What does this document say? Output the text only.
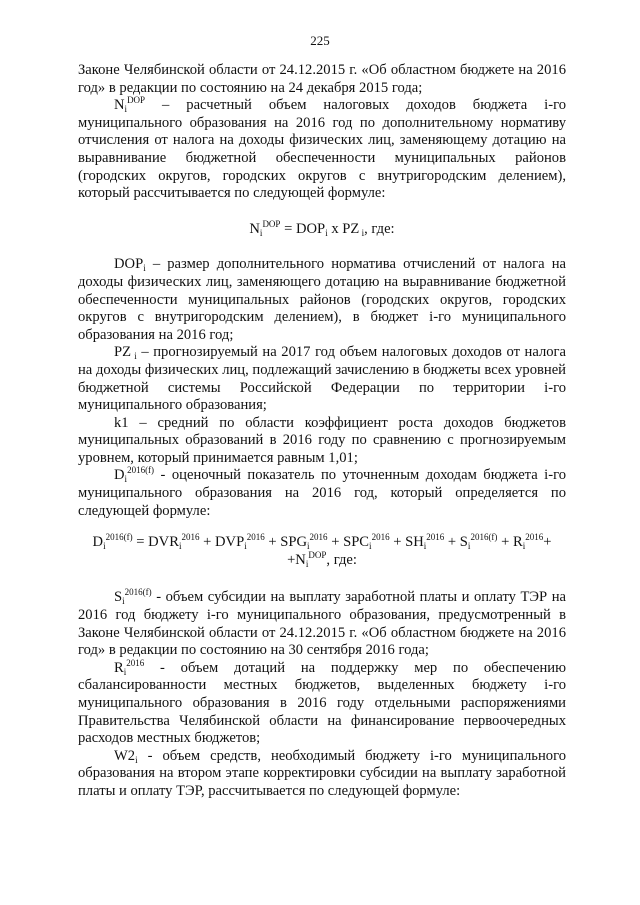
225

Законе Челябинской области от 24.12.2015 г. «Об областном бюджете на 2016 год» в редакции по состоянию на 24 декабря 2015 года;

$N_i^{DOP}$ – расчетный объем налоговых доходов бюджета i-го муниципального образования на 2016 год по дополнительному нормативу отчисления от налога на доходы физических лиц, заменяющему дотацию на выравнивание бюджетной обеспеченности муниципальных районов (городских округов, городских округов с внутригородским делением), который рассчитывается по следующей формуле:

$N_i^{DOP} = DOP_i$ x PZ $_i$, где:

$DOP_i$ – размер дополнительного норматива отчислений от налога на доходы физических лиц, заменяющего дотацию на выравнивание бюджетной обеспеченности муниципальных районов (городских округов, городских округов с внутригородским делением), в бюджет i-го муниципального образования на 2016 год;

PZ $_i$ – прогнозируемый на 2017 год объем налоговых доходов от налога на доходы физических лиц, подлежащий зачислению в бюджеты всех уровней бюджетной системы Российской Федерации по территории i-го муниципального образования;

k1 – средний по области коэффициент роста доходов бюджетов муниципальных образований в 2016 году по сравнению с прогнозируемым уровнем, который принимается равным 1,01;

$D_i^{2016(f)}$ - оценочный показатель по уточненным доходам бюджета i-го муниципального образования на 2016 год, который определяется по следующей формуле:

$D_i^{2016(f)} = DVR_i^{2016} + DVP_i^{2016} + SPG_i^{2016} + SPC_i^{2016} + SH_i^{2016} + S_i^{2016(f)} + R_i^{2016}+$

$+N_i^{DOP}$, где:

$S_i^{2016(f)}$ - объем субсидии на выплату заработной платы и оплату ТЭР на 2016 год бюджету i-го муниципального образования, предусмотренный в Законе Челябинской области от 24.12.2015 г. «Об областном бюджете на 2016 год» в редакции по состоянию на 30 сентября 2016 года;

$R_i^{2016}$ - объем дотаций на поддержку мер по обеспечению сбалансированности местных бюджетов, выделенных бюджету i-го муниципального образования в 2016 году отдельными распоряжениями Правительства Челябинской области на финансирование первоочередных расходов местных бюджетов;

$W2_i$ - объем средств, необходимый бюджету i-го муниципального образования на втором этапе корректировки субсидии на выплату заработной платы и оплату ТЭР, рассчитывается по следующей формуле:
